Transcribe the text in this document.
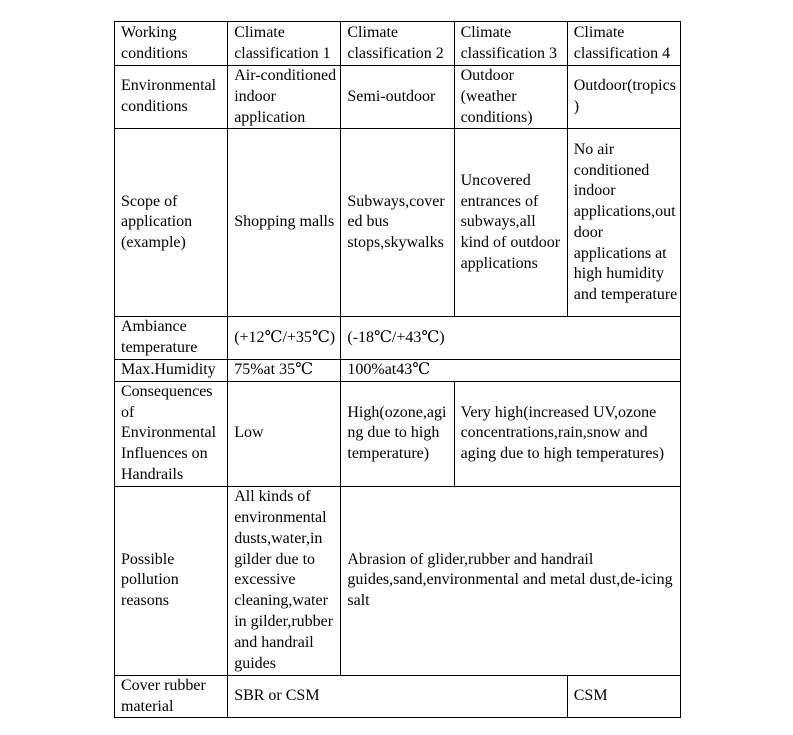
Working conditions	Climate classification 1	Climate classification 2	Climate classification 3	Climate classification 4
Environmental conditions	Air-conditioned indoor application	Semi-outdoor	Outdoor (weather conditions)	Outdoor(tropics)
Scope of application (example)	Shopping malls	Subways,covered bus stops,skywalks	Uncovered entrances of subways,all kind of outdoor applications	No air conditioned indoor applications,outdoor applications at high humidity and temperature
Ambiance temperature	(+12℃/+35℃)	(-18℃/+43℃)		
Max.Humidity	75%at 35℃	100%at43℃		
Consequences of Environmental Influences on Handrails	Low	High(ozone,aging due to high temperature)	Very high(increased UV,ozone concentrations,rain,snow and aging due to high temperatures)	
Possible pollution reasons	All kinds of environmental dusts,water,in gilder due to excessive cleaning,water in gilder,rubber and handrail guides	Abrasion of glider,rubber and handrail guides,sand,environmental and metal dust,de-icing salt		
Cover rubber material	SBR or CSM			CSM
